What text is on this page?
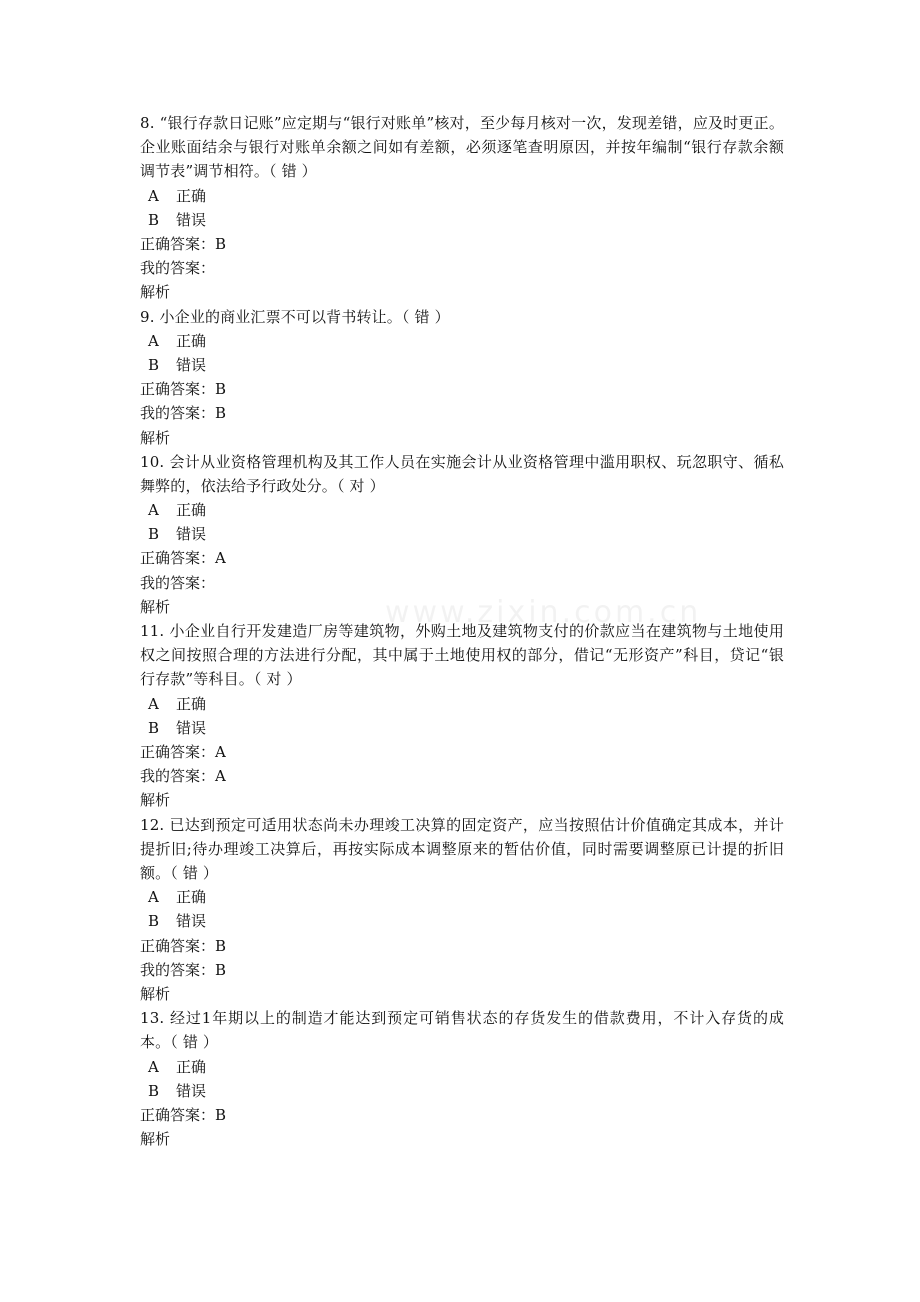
www.zixin.com.cn
8. “银行存款日记账”应定期与“银行对账单”核对，至少每月核对一次，发现差错，应及时更正。企业账面结余与银行对账单余额之间如有差额，必须逐笔查明原因，并按年编制“银行存款余额调节表”调节相符。（ 错 ）
A 正确
B 错误
正确答案：B
我的答案：
解析
9. 小企业的商业汇票不可以背书转让。（ 错 ）
A 正确
B 错误
正确答案：B
我的答案：B
解析
10. 会计从业资格管理机构及其工作人员在实施会计从业资格管理中滥用职权、玩忽职守、循私舞弊的，依法给予行政处分。（ 对 ）
A 正确
B 错误
正确答案：A
我的答案：
解析
11. 小企业自行开发建造厂房等建筑物，外购土地及建筑物支付的价款应当在建筑物与土地使用权之间按照合理的方法进行分配，其中属于土地使用权的部分，借记“无形资产”科目，贷记“银行存款”等科目。（ 对 ）
A 正确
B 错误
正确答案：A
我的答案：A
解析
12. 已达到预定可适用状态尚未办理竣工决算的固定资产，应当按照估计价值确定其成本，并计提折旧;待办理竣工决算后，再按实际成本调整原来的暂估价值，同时需要调整原已计提的折旧额。（ 错 ）
A 正确
B 错误
正确答案：B
我的答案：B
解析
13. 经过1年期以上的制造才能达到预定可销售状态的存货发生的借款费用，不计入存货的成本。（ 错 ）
A 正确
B 错误
正确答案：B
解析
